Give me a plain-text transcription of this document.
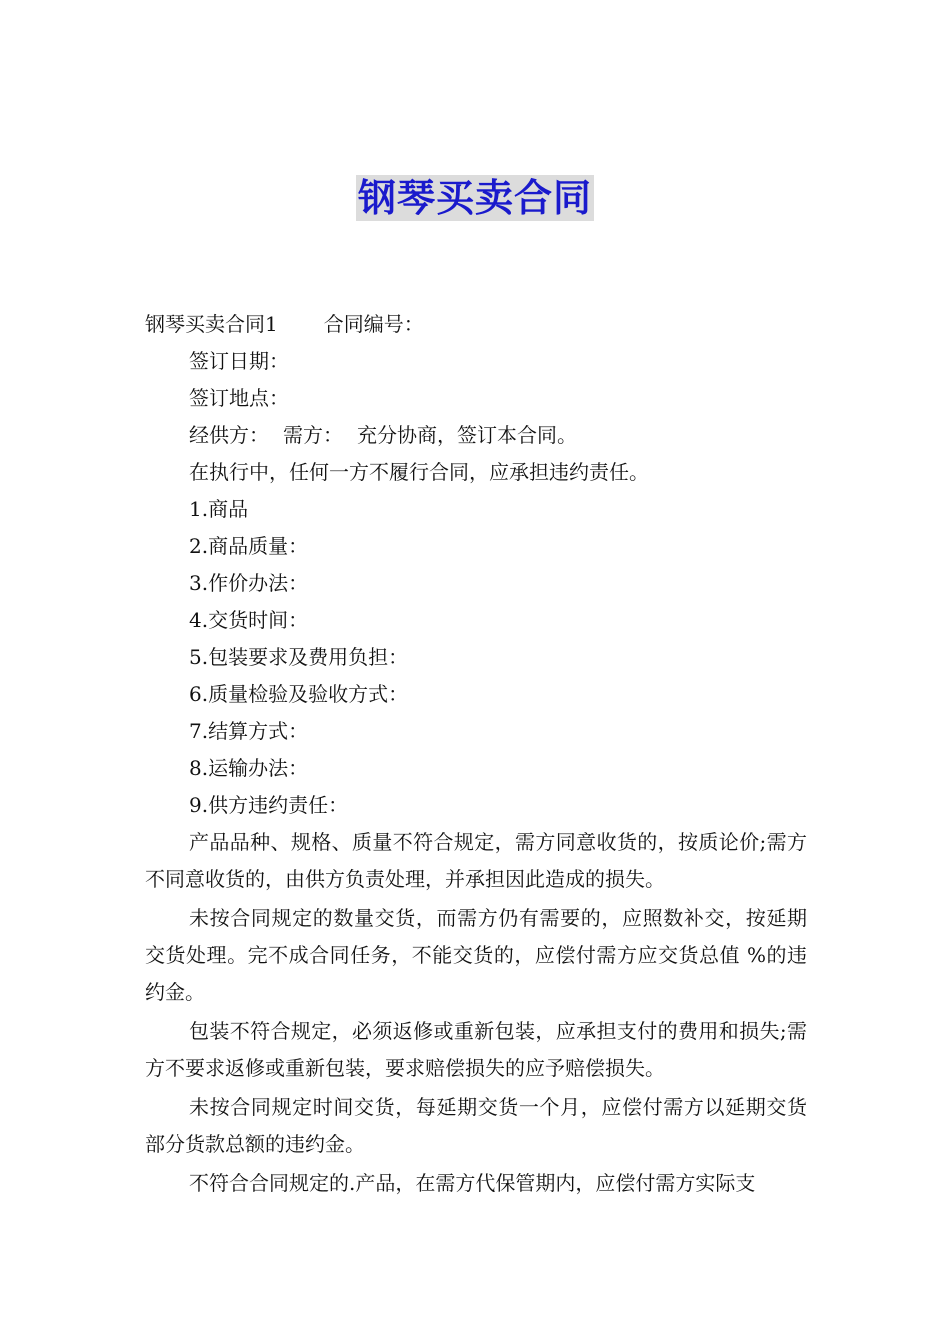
钢琴买卖合同

钢琴买卖合同1 合同编号：

签订日期：

签订地点：

经供方： 需方： 充分协商，签订本合同。

在执行中，任何一方不履行合同，应承担违约责任。

1.商品

2.商品质量：

3.作价办法：

4.交货时间：

5.包装要求及费用负担：

6.质量检验及验收方式：

7.结算方式：

8.运输办法：

9.供方违约责任：

产品品种、规格、质量不符合规定，需方同意收货的，按质论价;需方不同意收货的，由供方负责处理，并承担因此造成的损失。

未按合同规定的数量交货，而需方仍有需要的，应照数补交，按延期交货处理。完不成合同任务，不能交货的，应偿付需方应交货总值 %的违约金。

包装不符合规定，必须返修或重新包装，应承担支付的费用和损失;需方不要求返修或重新包装，要求赔偿损失的应予赔偿损失。

未按合同规定时间交货，每延期交货一个月，应偿付需方以延期交货部分货款总额的违约金。

不符合合同规定的.产品，在需方代保管期内，应偿付需方实际支
